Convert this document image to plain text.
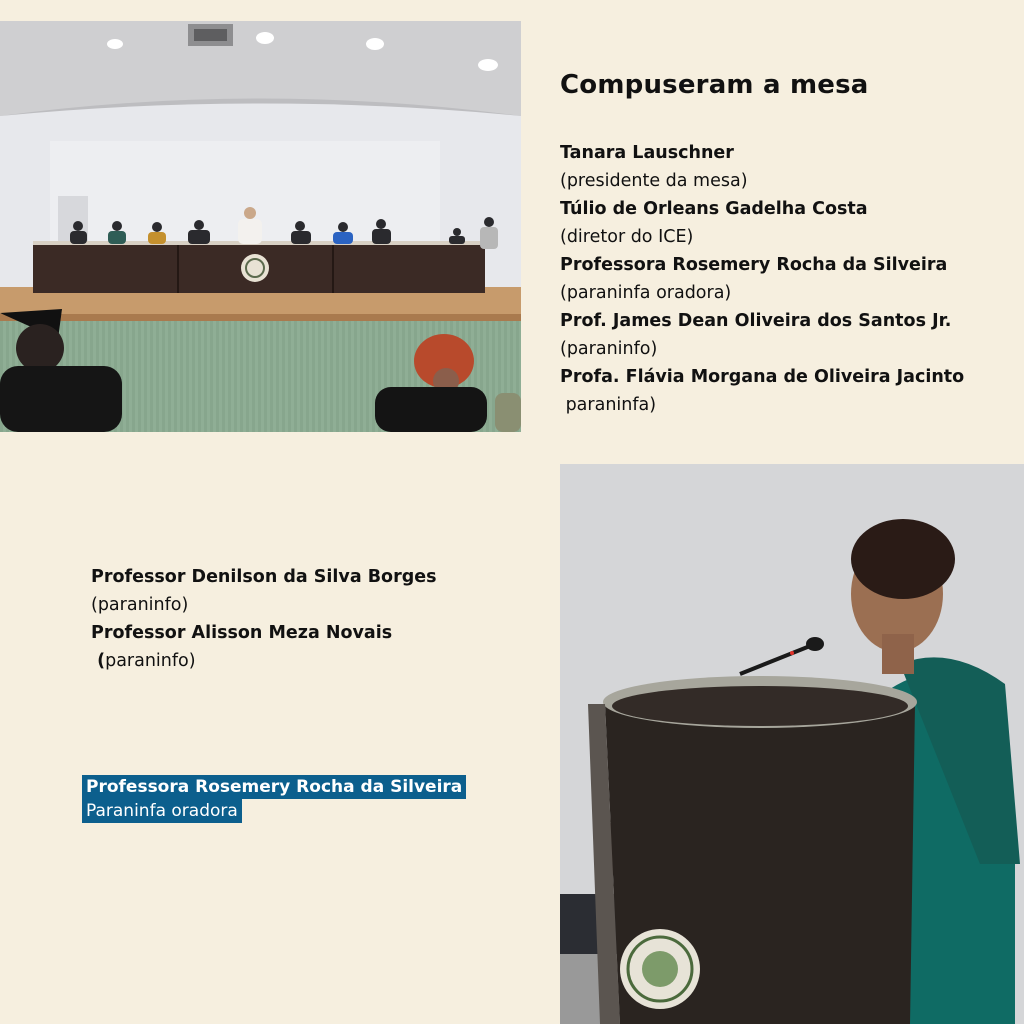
Compuseram a mesa

Tanara Lauschner
(presidente da mesa)

Túlio de Orleans Gadelha Costa
(diretor do ICE)

Professora Rosemery Rocha da Silveira
(paraninfa oradora)

Prof. James Dean Oliveira dos Santos Jr.
(paraninfo)

Profa. Flávia Morgana de Oliveira Jacinto
paraninfa)

Professor Denilson da Silva Borges
(paraninfo)

Professor Alisson Meza Novais
(paraninfo)

Professora Rosemery Rocha da Silveira
Paraninfa oradora
